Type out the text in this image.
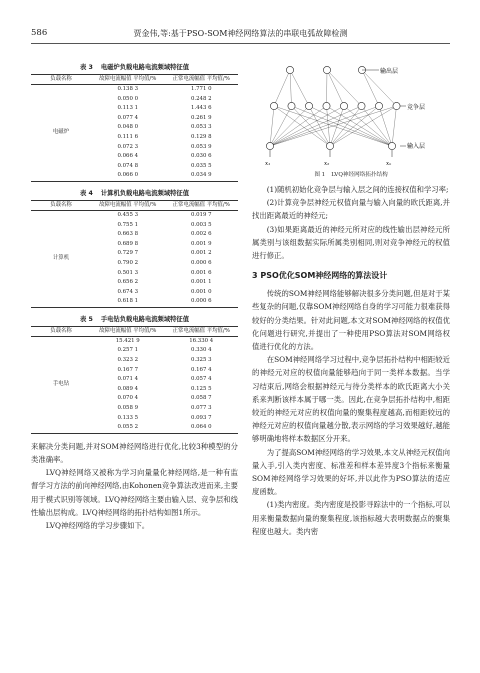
586	贾金伟,等:基于PSO-SOM神经网络算法的串联电弧故障检测

表 3 电磁炉负载电路电流频域特征值

负载名称	故障电流幅值 平均值/%	正常电流幅值 平均值/%
电磁炉	0.138 3	1.771 0
	0.050 0	0.248 2
	0.113 1	1.443 6
	0.077 4	0.261 9
	0.048 0	0.053 3
	0.111 6	0.129 8
	0.072 3	0.053 9
	0.066 4	0.030 6
	0.074 8	0.035 5
	0.066 0	0.034 9

表 4 计算机负载电路电流频域特征值

负载名称	故障电流幅值 平均值/%	正常电流幅值 平均值/%
计算机	0.455 3	0.019 7
	0.755 1	0.003 5
	0.663 8	0.002 6
	0.689 8	0.001 9
	0.729 7	0.001 2
	0.790 2	0.000 6
	0.501 3	0.001 6
	0.656 2	0.001 1
	0.674 3	0.001 0
	0.618 1	0.000 6

表 5 手电钻负载电路电流频域特征值

负载名称	故障电流幅值 平均值/%	正常电流幅值 平均值/%
手电钻	15.421 9	16.330 4
	0.257 1	0.330 4
	0.323 2	0.325 3
	0.167 7	0.167 4
	0.071 4	0.057 4
	0.089 4	0.125 5
	0.070 4	0.058 7
	0.058 9	0.077 3
	0.133 5	0.093 7
	0.055 2	0.064 0

来解决分类问题,并对SOM神经网络进行优化,比较3种模型的分类准确率。

LVQ神经网络又被称为学习向量量化神经网络,是一种有监督学习方法的前向神经网络,由Kohonen竞争算法改进而来,主要用于模式识别等领域。LVQ神经网络主要由输入层、竞争层和线性输出层构成。LVQ神经网络的拓扑结构如图1所示。

LVQ神经网络的学习步骤如下。

输出层
竞争层
输入层
x₁	x₂	xₙ

图 1 LVQ神经网络拓扑结构

(1)随机初始化竞争层与输入层之间的连接权值和学习率;

(2)计算竞争层神经元权值向量与输入向量的欧氏距离,并找出距离最近的神经元;

(3)如果距离最近的神经元所对应的线性输出层神经元所属类别与该组数据实际所属类别相同,则对竞争神经元的权值进行修正。

3 PSO优化SOM神经网络的算法设计

传统的SOM神经网络能够解决很多分类问题,但是对于某些复杂的问题,仅靠SOM神经网络自身的学习可能力很难获得较好的分类结果。针对此问题,本文对SOM神经网络的权值优化问题进行研究,并提出了一种使用PSO算法对SOM网络权值进行优化的方法。

在SOM神经网络学习过程中,竞争层拓扑结构中相距较近的神经元对应的权值向量能够趋向于同一类样本数据。当学习结束后,网络会根据神经元与待分类样本的欧氏距离大小关系来判断该样本属于哪一类。因此,在竞争层拓扑结构中,相距较近的神经元对应的权值向量的聚集程度越高,而相距较远的神经元对应的权值向量越分散,表示网络的学习效果越好,越能够明确地将样本数据区分开来。

为了提高SOM神经网络的学习效果,本文从神经元权值向量入手,引入类内密度、标准差和样本差异度3个指标来衡量SOM神经网络学习效果的好坏,并以此作为PSO算法的适应度函数。

(1)类内密度。类内密度是投影寻踪法中的一个指标,可以用来衡量数据向量的聚集程度,该指标越大表明数据点的聚集程度也越大。类内密
